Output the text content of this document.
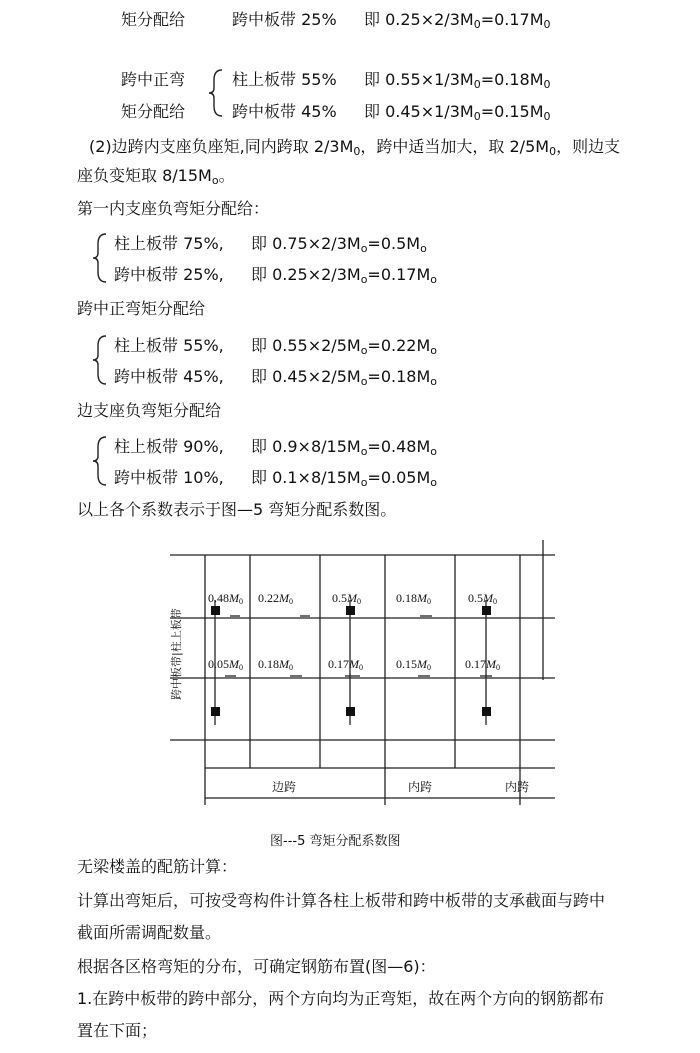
矩分配给	跨中板带 25% 即 $0.25\times 2/3M_0=0.17M_0$
跨中正弯	柱上板带 55% 即 $0.55\times 1/3M_0=0.18M_0$
矩分配给	跨中板带 45% 即 $0.45\times 1/3M_0=0.15M_0$
(2)边跨内支座负座矩,同内跨取 $2/3M_0$，跨中适当加大，取 $2/5M_0$，则边支
座负变矩取 $8/15M_o$。
第一内支座负弯矩分配给：
柱上板带 75%, 即 $0.75\times 2/3M_o=0.5M_o$
跨中板带 25%, 即 $0.25\times 2/3M_o=0.17M_o$
跨中正弯矩分配给
柱上板带 55%, 即 $0.55\times 2/5M_o=0.22M_o$
跨中板带 45%, 即 $0.45\times 2/5M_o=0.18M_o$
边支座负弯矩分配给
柱上板带 90%, 即 $0.9\times 8/15M_o=0.48M_o$
跨中板带 10%, 即 $0.1\times 8/15M_o=0.05M_o$
以上各个系数表示于图—5 弯矩分配系数图。
0.48M0 0.22M0	0.5M0	0.18M0	0.5M0
0.05M0 0.18M0	0.17M0	0.15M0	0.17M0
跨中板带|柱上板带
边跨	内跨	内跨
图---5 弯矩分配系数图
无梁楼盖的配筋计算：
计算出弯矩后，可按受弯构件计算各柱上板带和跨中板带的支承截面与跨中
截面所需调配数量。
根据各区格弯矩的分布，可确定钢筋布置(图—6)：
1.在跨中板带的跨中部分，两个方向均为正弯矩，故在两个方向的钢筋都布
置在下面；
